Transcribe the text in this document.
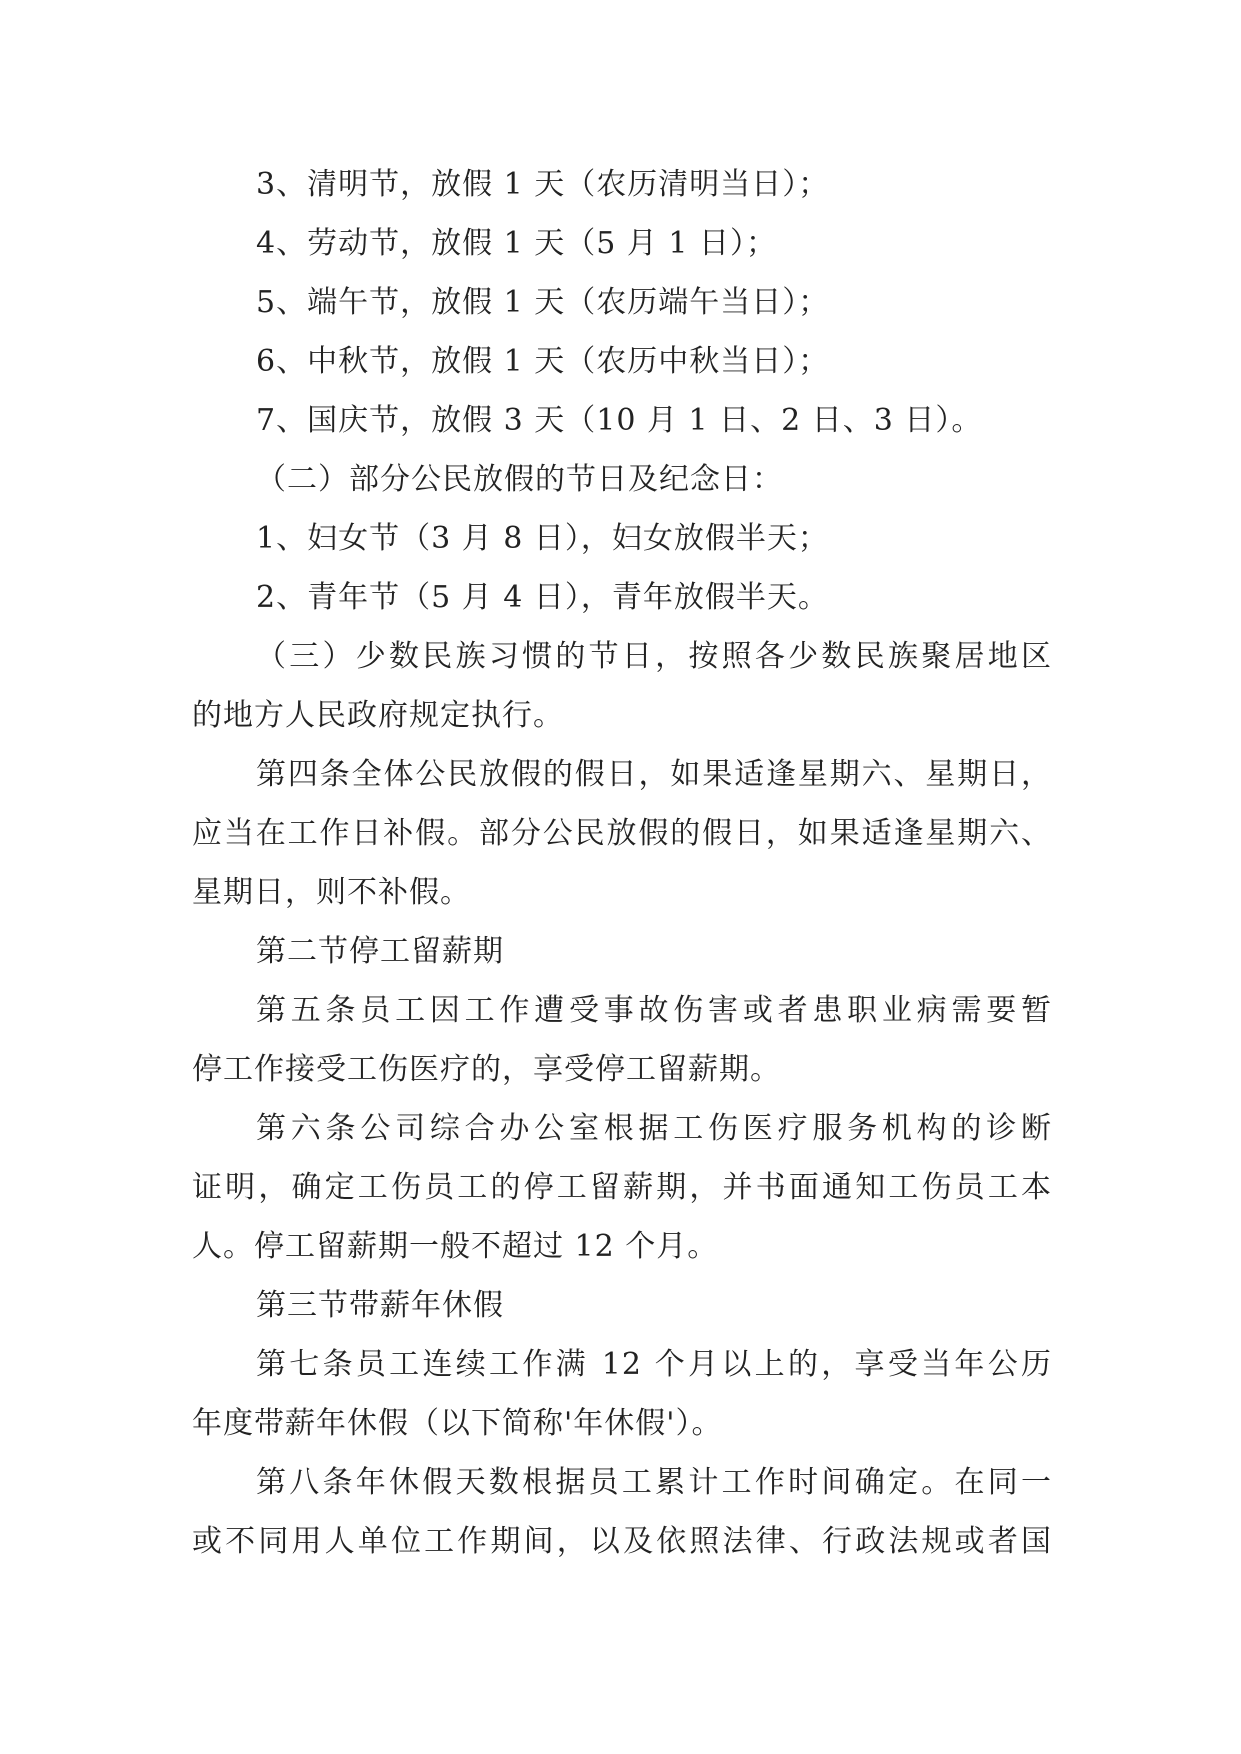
3、清明节，放假 1 天（农历清明当日）；
4、劳动节，放假 1 天（5 月 1 日）；
5、端午节，放假 1 天（农历端午当日）；
6、中秋节，放假 1 天（农历中秋当日）；
7、国庆节，放假 3 天（10 月 1 日、2 日、3 日）。
（二）部分公民放假的节日及纪念日：
1、妇女节（3 月 8 日），妇女放假半天；
2、青年节（5 月 4 日），青年放假半天。
（三）少数民族习惯的节日，按照各少数民族聚居地区
的地方人民政府规定执行。
第四条全体公民放假的假日，如果适逢星期六、星期日，
应当在工作日补假。部分公民放假的假日，如果适逢星期六、
星期日，则不补假。
第二节停工留薪期
第五条员工因工作遭受事故伤害或者患职业病需要暂
停工作接受工伤医疗的，享受停工留薪期。
第六条公司综合办公室根据工伤医疗服务机构的诊断
证明，确定工伤员工的停工留薪期，并书面通知工伤员工本
人。停工留薪期一般不超过 12 个月。
第三节带薪年休假
第七条员工连续工作满 12 个月以上的，享受当年公历
年度带薪年休假（以下简称'年休假'）。
第八条年休假天数根据员工累计工作时间确定。在同一
或不同用人单位工作期间，以及依照法律、行政法规或者国
